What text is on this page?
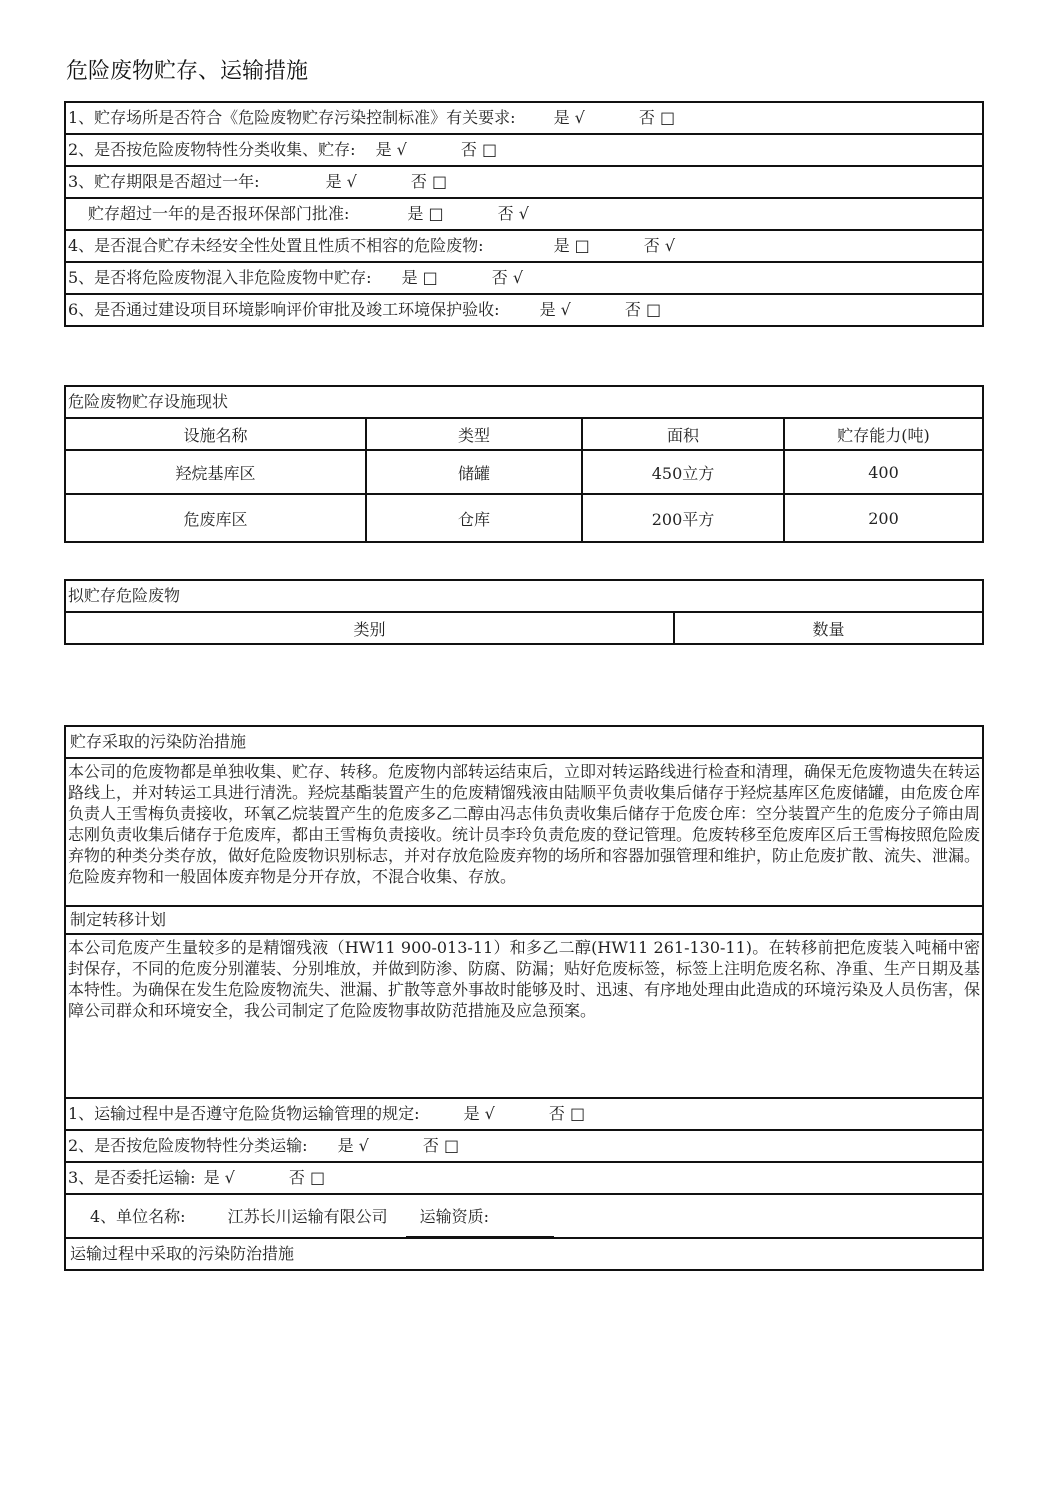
危险废物贮存、运输措施
1、贮存场所是否符合《危险废物贮存污染控制标准》有关要求: 是 √	否 □
2、是否按危险废物特性分类收集、贮存: 是 √	否 □
3、贮存期限是否超过一年:	是 √	否 □
贮存超过一年的是否报环保部门批准:	是 □	否 √
4、是否混合贮存未经安全性处置且性质不相容的危险废物:	是 □	否 √
5、是否将危险废物混入非危险废物中贮存: 是 □	否 √
6、是否通过建设项目环境影响评价审批及竣工环境保护验收:	是 √	否 □
危险废物贮存设施现状
设施名称	类型	面积	贮存能力(吨)
羟烷基库区	储罐	450立方	400
危废库区	仓库	200平方	200
拟贮存危险废物
类别	数量
贮存采取的污染防治措施
本公司的危废物都是单独收集、贮存、转移。危废物内部转运结束后，立即对转运路线进行检查和清理，确保无危废物遗失在转运路线上，并对转运工具进行清洗。羟烷基酯装置产生的危废精馏残液由陆顺平负责收集后储存于羟烷基库区危废储罐，由危废仓库负责人王雪梅负责接收，环氧乙烷装置产生的危废多乙二醇由冯志伟负责收集后储存于危废仓库：空分装置产生的危废分子筛由周志刚负责收集后储存于危废库，都由王雪梅负责接收。统计员李玲负责危废的登记管理。危废转移至危废库区后王雪梅按照危险废弃物的种类分类存放，做好危险废物识别标志，并对存放危险废弃物的场所和容器加强管理和维护，防止危废扩散、流失、泄漏。危险废弃物和一般固体废弃物是分开存放，不混合收集、存放。
制定转移计划
本公司危废产生量较多的是精馏残液（HW11 900-013-11）和多乙二醇(HW11 261-130-11)。在转移前把危废装入吨桶中密封保存，不同的危废分别灌装、分别堆放，并做到防渗、防腐、防漏；贴好危废标签，标签上注明危废名称、净重、生产日期及基本特性。为确保在发生危险废物流失、泄漏、扩散等意外事故时能够及时、迅速、有序地处理由此造成的环境污染及人员伤害，保障公司群众和环境安全，我公司制定了危险废物事故防范措施及应急预案。
1、运输过程中是否遵守危险货物运输管理的规定:	是 √	否 □
2、是否按危险废物特性分类运输: 是 √	否 □
3、是否委托运输: 是 √	否 □
4、单位名称:	江苏长川运输有限公司 运输资质:
运输过程中采取的污染防治措施
